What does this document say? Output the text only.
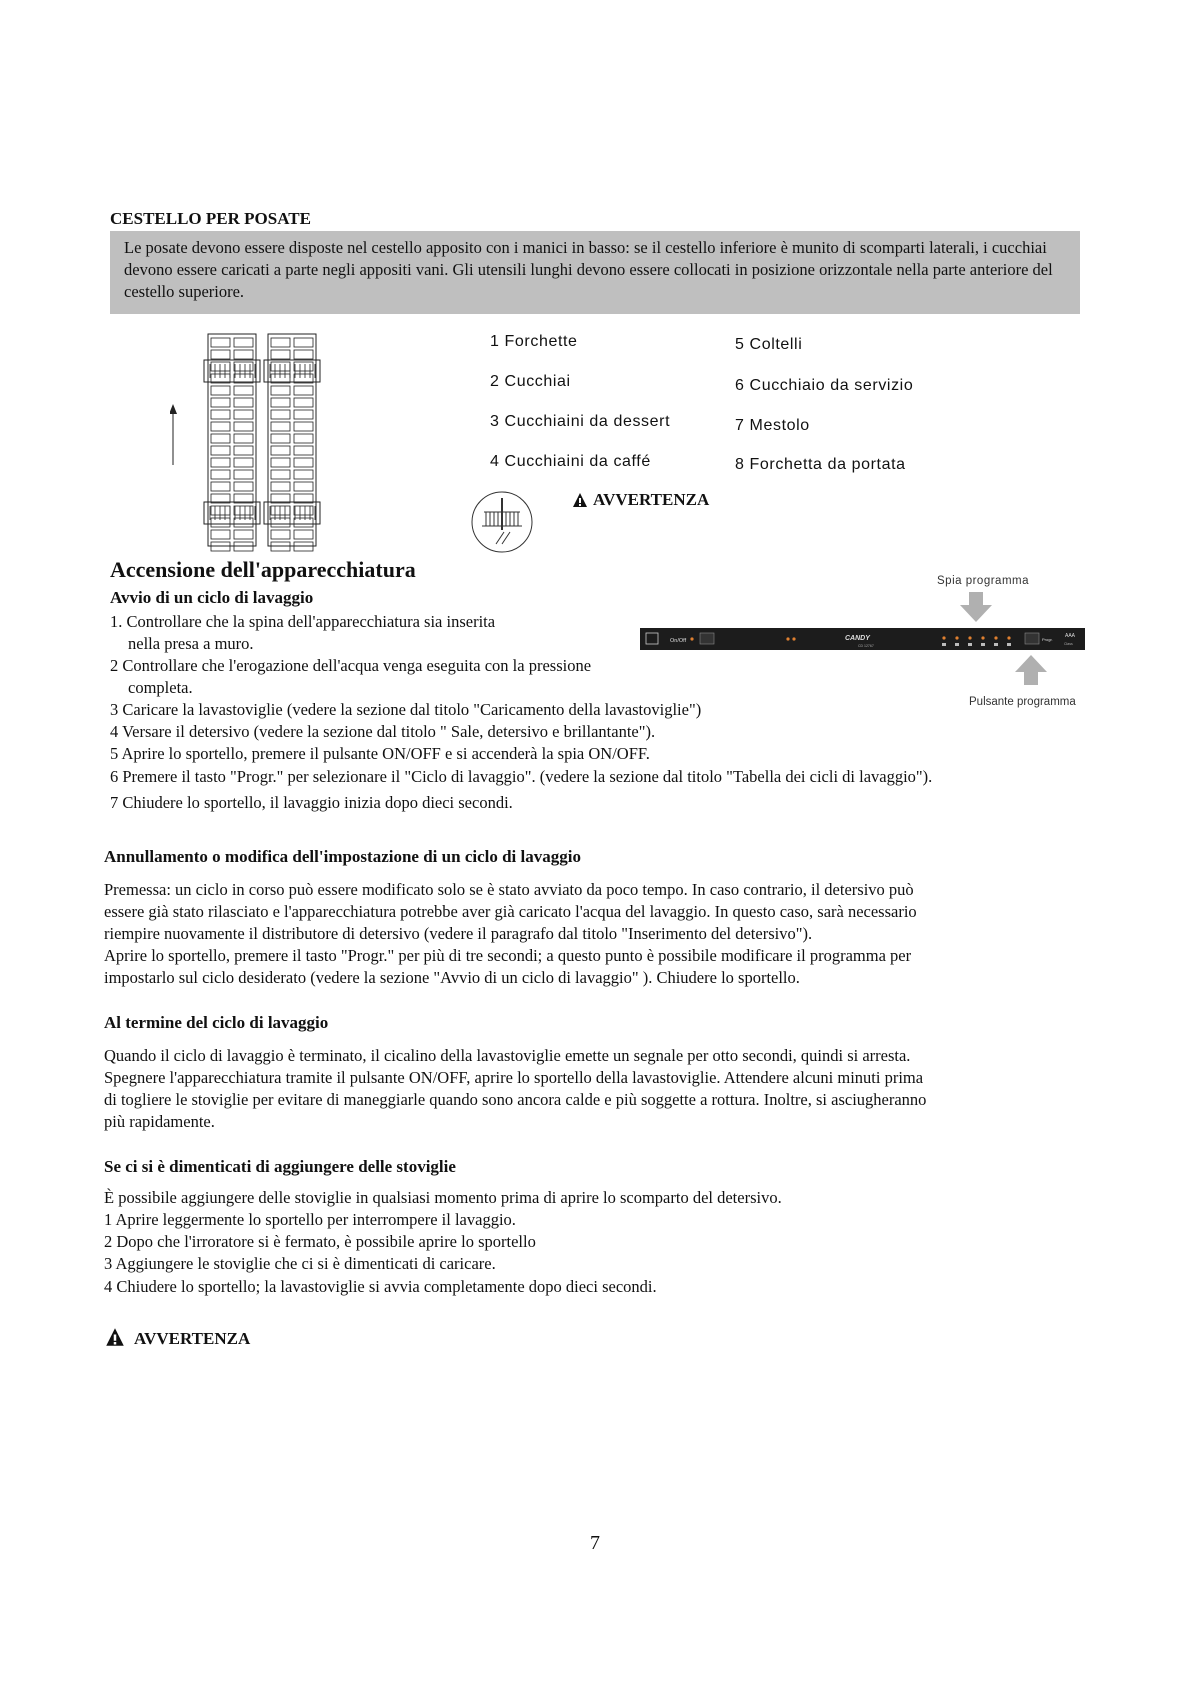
CESTELLO PER POSATE

Le posate devono essere disposte nel cestello apposito con i manici in basso: se il cestello inferiore è munito di scomparti laterali, i cucchiai devono essere caricati a parte negli appositi vani. Gli utensili lunghi devono essere collocati in posizione orizzontale nella parte anteriore del cestello superiore.

1 Forchette
2 Cucchiai
3 Cucchiaini da dessert
4 Cucchiaini da caffé
5 Coltelli
6 Cucchiaio da servizio
7 Mestolo
8 Forchetta da portata
AVVERTENZA
Accensione dell'apparecchiatura
Avvio di un ciclo di lavaggio
1. Controllare che la spina dell'apparecchiatura sia inserita
nella presa a muro.
2 Controllare che l'erogazione dell'acqua venga eseguita con la pressione
completa.
3 Caricare la lavastoviglie (vedere la sezione dal titolo "Caricamento della lavastoviglie")
4 Versare il detersivo (vedere la sezione dal titolo " Sale, detersivo e brillantante").
5 Aprire lo sportello, premere il pulsante ON/OFF e si accenderà la spia ON/OFF.
6 Premere il tasto "Progr." per selezionare il "Ciclo di lavaggio". (vedere la sezione dal titolo "Tabella dei cicli di lavaggio").
7 Chiudere lo sportello, il lavaggio inizia dopo dieci secondi.
Spia programma
On/Off	CANDY
CD 12767
Progr.
AAA
Class
Pulsante programma
Annullamento o modifica dell'impostazione di un ciclo di lavaggio
Premessa: un ciclo in corso può essere modificato solo se è stato avviato da poco tempo. In caso contrario, il detersivo può
essere già stato rilasciato e l'apparecchiatura potrebbe aver già caricato l'acqua del lavaggio. In questo caso, sarà necessario
riempire nuovamente il distributore di detersivo (vedere il paragrafo dal titolo "Inserimento del detersivo").
Aprire lo sportello, premere il tasto "Progr." per più di tre secondi; a questo punto è possibile modificare il programma per
impostarlo sul ciclo desiderato (vedere la sezione "Avvio di un ciclo di lavaggio" ). Chiudere lo sportello.
Al termine del ciclo di lavaggio
Quando il ciclo di lavaggio è terminato, il cicalino della lavastoviglie emette un segnale per otto secondi, quindi si arresta.
Spegnere l'apparecchiatura tramite il pulsante ON/OFF, aprire lo sportello della lavastoviglie. Attendere alcuni minuti prima
di togliere le stoviglie per evitare di maneggiarle quando sono ancora calde e più soggette a rottura. Inoltre, si asciugheranno
più rapidamente.
Se ci si è dimenticati di aggiungere delle stoviglie
È possibile aggiungere delle stoviglie in qualsiasi momento prima di aprire lo scomparto del detersivo.
1 Aprire leggermente lo sportello per interrompere il lavaggio.
2 Dopo che l'irroratore si è fermato, è possibile aprire lo sportello
3 Aggiungere le stoviglie che ci si è dimenticati di caricare.
4 Chiudere lo sportello; la lavastoviglie si avvia completamente dopo dieci secondi.
AVVERTENZA
7
